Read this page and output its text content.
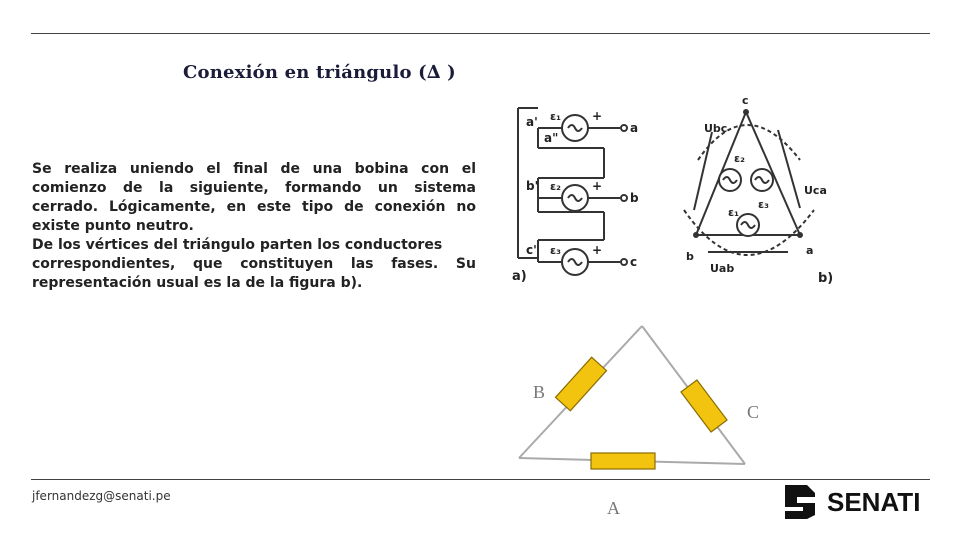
Conexión en triángulo (∆ )

Se realiza uniendo el final de una bobina con el comienzo de la siguiente, formando un sistema cerrado. Lógicamente, en este tipo de conexión no existe punto neutro.

De los vértices del triángulo parten los conductores

correspondientes, que constituyen las fases. Su representación usual es la de la figura b).

a'
a"
b'
c'
ε₁
ε₂
ε₃
+
+
+
a
b
c
a)
c
a
b
ε₂
ε₃
ε₁
Ubc
Uca
Uab
b)
B
C
A
jfernandezg@senati.pe	SENATI
